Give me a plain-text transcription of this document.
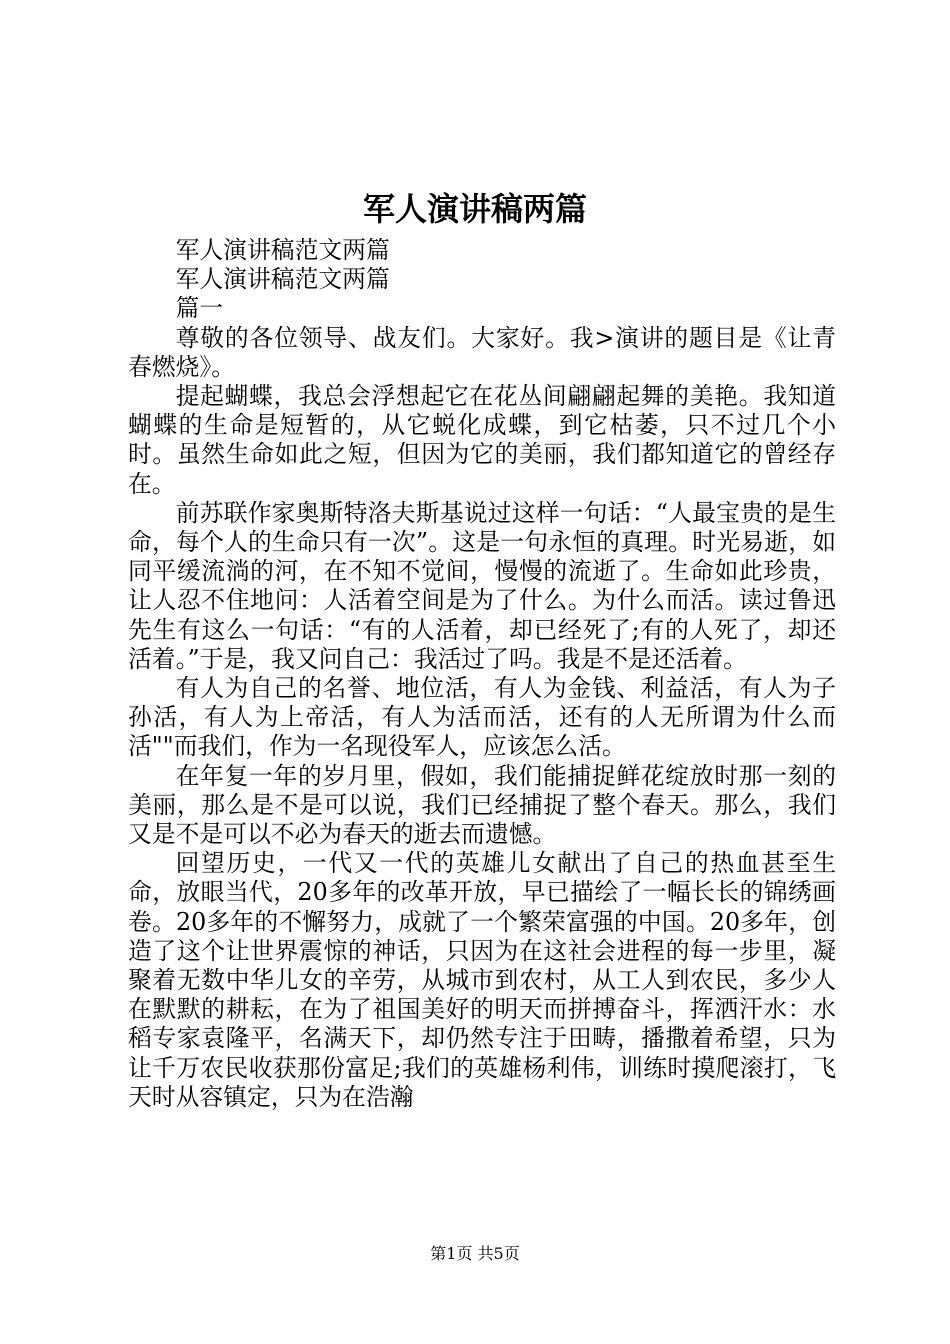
军人演讲稿两篇

军人演讲稿范文两篇

军人演讲稿范文两篇

篇一

尊敬的各位领导、战友们。大家好。我>演讲的题目是《让青春燃烧》。

提起蝴蝶，我总会浮想起它在花丛间翩翩起舞的美艳。我知道蝴蝶的生命是短暂的，从它蜕化成蝶，到它枯萎，只不过几个小时。虽然生命如此之短，但因为它的美丽，我们都知道它的曾经存在。

前苏联作家奥斯特洛夫斯基说过这样一句话：“人最宝贵的是生命，每个人的生命只有一次”。这是一句永恒的真理。时光易逝，如同平缓流淌的河，在不知不觉间，慢慢的流逝了。生命如此珍贵，让人忍不住地问：人活着空间是为了什么。为什么而活。读过鲁迅先生有这么一句话：“有的人活着，却已经死了;有的人死了，却还活着。”于是，我又问自己：我活过了吗。我是不是还活着。

有人为自己的名誉、地位活，有人为金钱、利益活，有人为子孙活，有人为上帝活，有人为活而活，还有的人无所谓为什么而活""而我们，作为一名现役军人，应该怎么活。

在年复一年的岁月里，假如，我们能捕捉鲜花绽放时那一刻的美丽，那么是不是可以说，我们已经捕捉了整个春天。那么，我们又是不是可以不必为春天的逝去而遗憾。

回望历史，一代又一代的英雄儿女献出了自己的热血甚至生命，放眼当代，20多年的改革开放，早已描绘了一幅长长的锦绣画卷。20多年的不懈努力，成就了一个繁荣富强的中国。20多年，创造了这个让世界震惊的神话，只因为在这社会进程的每一步里，凝聚着无数中华儿女的辛劳，从城市到农村，从工人到农民，多少人在默默的耕耘，在为了祖国美好的明天而拼搏奋斗，挥洒汗水：水稻专家袁隆平，名满天下，却仍然专注于田畴，播撒着希望，只为让千万农民收获那份富足;我们的英雄杨利伟，训练时摸爬滚打，飞天时从容镇定，只为在浩瀚

第1页 共5页
